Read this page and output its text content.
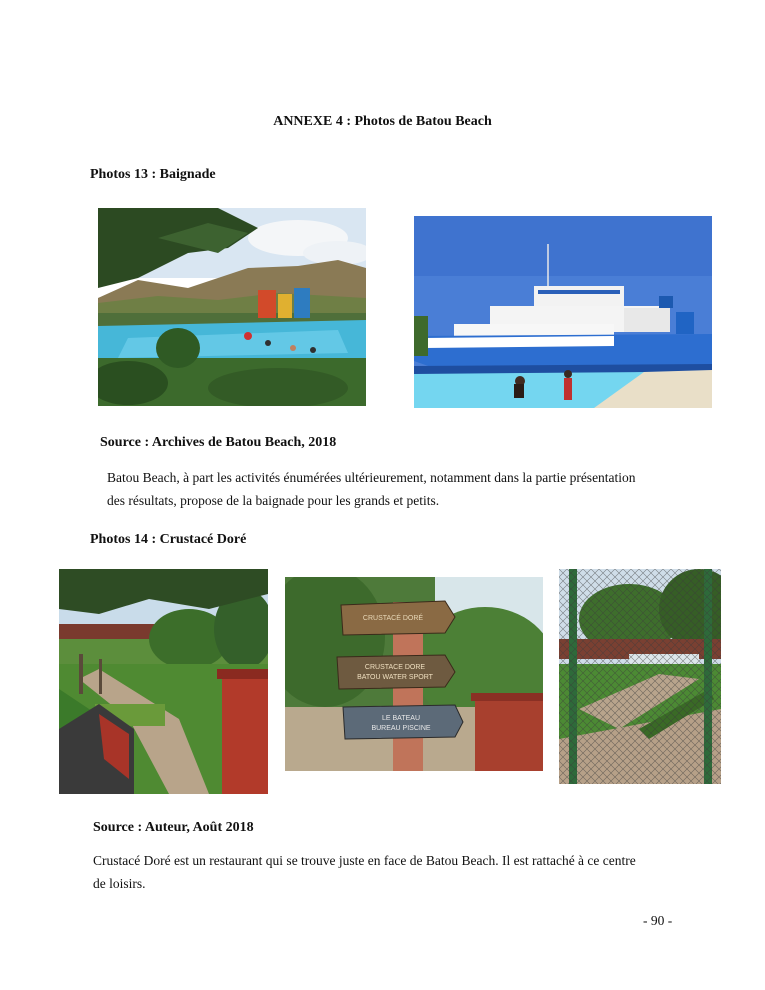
ANNEXE 4 : Photos de Batou Beach
Photos 13 : Baignade
Source : Archives de Batou Beach, 2018
Batou Beach, à part les activités énumérées ultérieurement, notamment dans la partie présentation
des résultats, propose de la baignade pour les grands et petits.
Photos 14 : Crustacé Doré
CRUSTACÉ DORÉ
CRUSTACE DORE
BATOU WATER SPORT
LE BATEAU
BUREAU PISCINE
Source : Auteur, Août 2018
Crustacé Doré est un restaurant qui se trouve juste en face de Batou Beach. Il est rattaché à ce centre
de loisirs.
- 90 -
